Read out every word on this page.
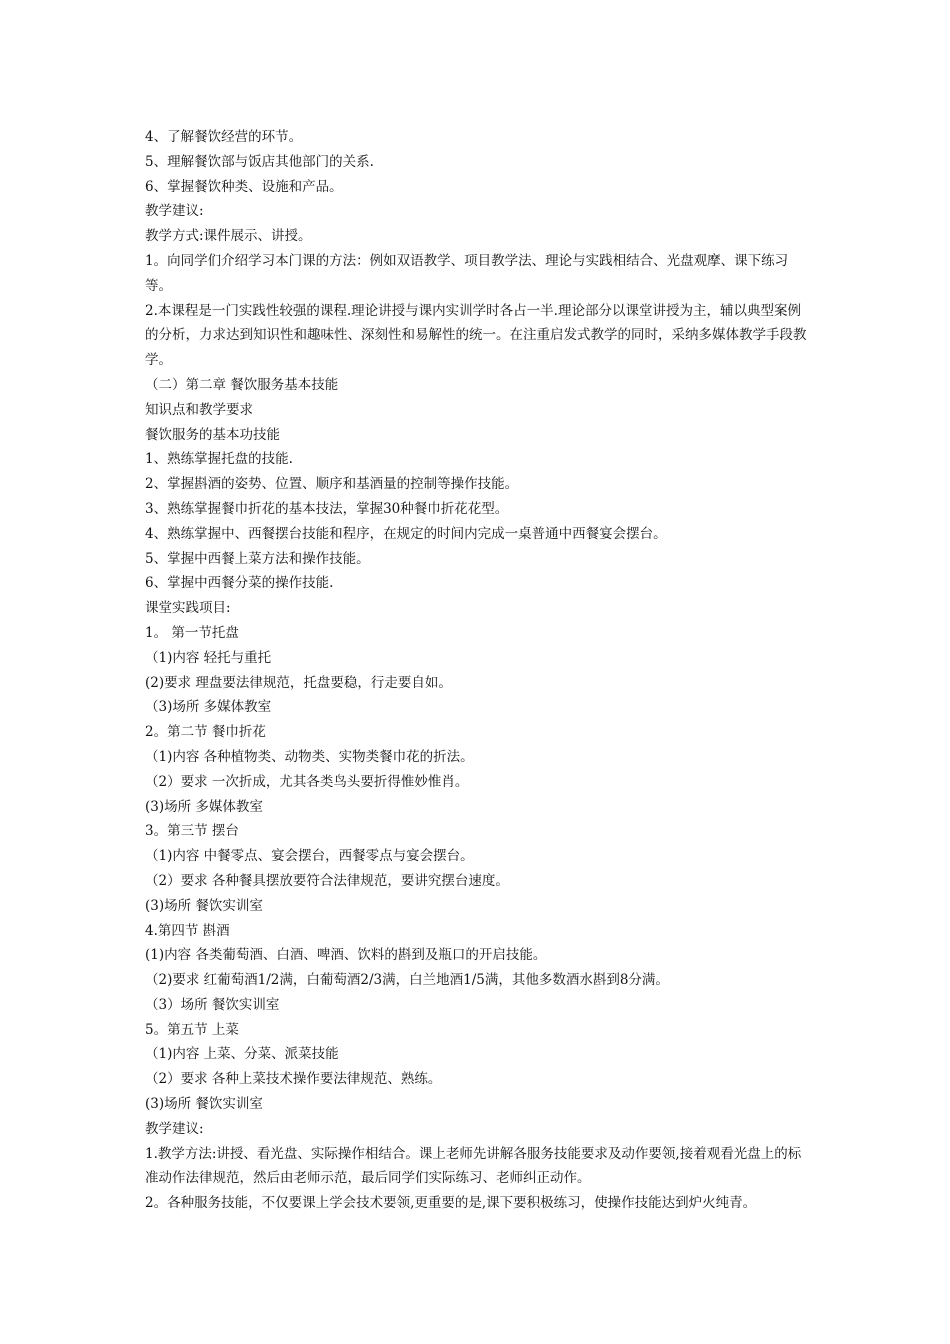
4、了解餐饮经营的环节。
5、理解餐饮部与饭店其他部门的关系.
6、掌握餐饮种类、设施和产品。
教学建议:
教学方式:课件展示、讲授。
1。向同学们介绍学习本门课的方法：例如双语教学、项目教学法、理论与实践相结合、光盘观摩、课下练习等。
2.本课程是一门实践性较强的课程.理论讲授与课内实训学时各占一半.理论部分以课堂讲授为主，辅以典型案例的分析，力求达到知识性和趣味性、深刻性和易解性的统一。在注重启发式教学的同时，采纳多媒体教学手段教学。
（二）第二章 餐饮服务基本技能
知识点和教学要求
餐饮服务的基本功技能
1、熟练掌握托盘的技能.
2、掌握斟酒的姿势、位置、顺序和基酒量的控制等操作技能。
3、熟练掌握餐巾折花的基本技法，掌握30种餐巾折花花型。
4、熟练掌握中、西餐摆台技能和程序，在规定的时间内完成一桌普通中西餐宴会摆台。
5、掌握中西餐上菜方法和操作技能。
6、掌握中西餐分菜的操作技能.
课堂实践项目:
1。 第一节托盘
（1)内容 轻托与重托
(2)要求 理盘要法律规范，托盘要稳，行走要自如。
（3)场所 多媒体教室
2。第二节 餐巾折花
（1)内容 各种植物类、动物类、实物类餐巾花的折法。
（2）要求 一次折成，尤其各类鸟头要折得惟妙惟肖。
(3)场所 多媒体教室
3。第三节 摆台
（1)内容 中餐零点、宴会摆台，西餐零点与宴会摆台。
（2）要求 各种餐具摆放要符合法律规范，要讲究摆台速度。
(3)场所 餐饮实训室
4.第四节 斟酒
(1)内容 各类葡萄酒、白酒、啤酒、饮料的斟到及瓶口的开启技能。
（2)要求 红葡萄酒1/2满，白葡萄酒2/3满，白兰地酒1/5满，其他多数酒水斟到8分满。
（3）场所 餐饮实训室
5。第五节 上菜
（1)内容 上菜、分菜、派菜技能
（2）要求 各种上菜技术操作要法律规范、熟练。
(3)场所 餐饮实训室
教学建议:
1.教学方法:讲授、看光盘、实际操作相结合。课上老师先讲解各服务技能要求及动作要领,接着观看光盘上的标准动作法律规范，然后由老师示范，最后同学们实际练习、老师纠正动作。
2。各种服务技能，不仅要课上学会技术要领,更重要的是,课下要积极练习，使操作技能达到炉火纯青。
